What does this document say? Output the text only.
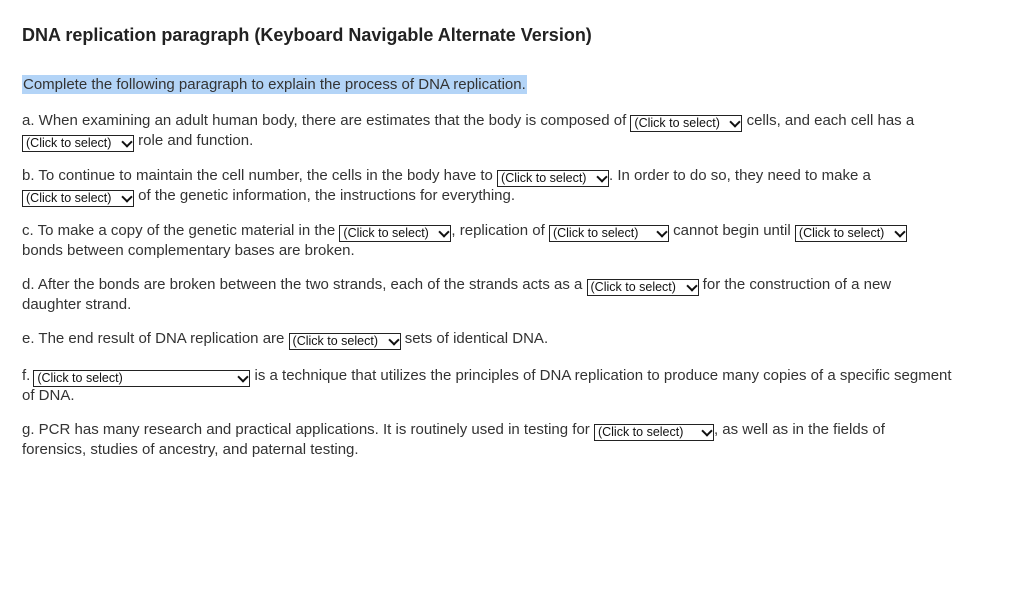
DNA replication paragraph (Keyboard Navigable Alternate Version)
Complete the following paragraph to explain the process of DNA replication.
a. When examining an adult human body, there are estimates that the body is composed of (Click to select) cells, and each cell has a
(Click to select) role and function.
b. To continue to maintain the cell number, the cells in the body have to (Click to select) . In order to do so, they need to make a
(Click to select) of the genetic information, the instructions for everything.
c. To make a copy of the genetic material in the (Click to select) , replication of (Click to select) cannot begin until (Click to select)

bonds between complementary bases are broken.
d. After the bonds are broken between the two strands, each of the strands acts as a (Click to select) for the construction of a new daughter strand.
e. The end result of DNA replication are (Click to select) sets of identical DNA.
f. (Click to select)	is a technique that utilizes the principles of DNA replication to produce many copies of a specific segment of DNA.
g. PCR has many research and practical applications. It is routinely used in testing for (Click to select) , as well as in the fields of forensics, studies of ancestry, and paternal testing.
